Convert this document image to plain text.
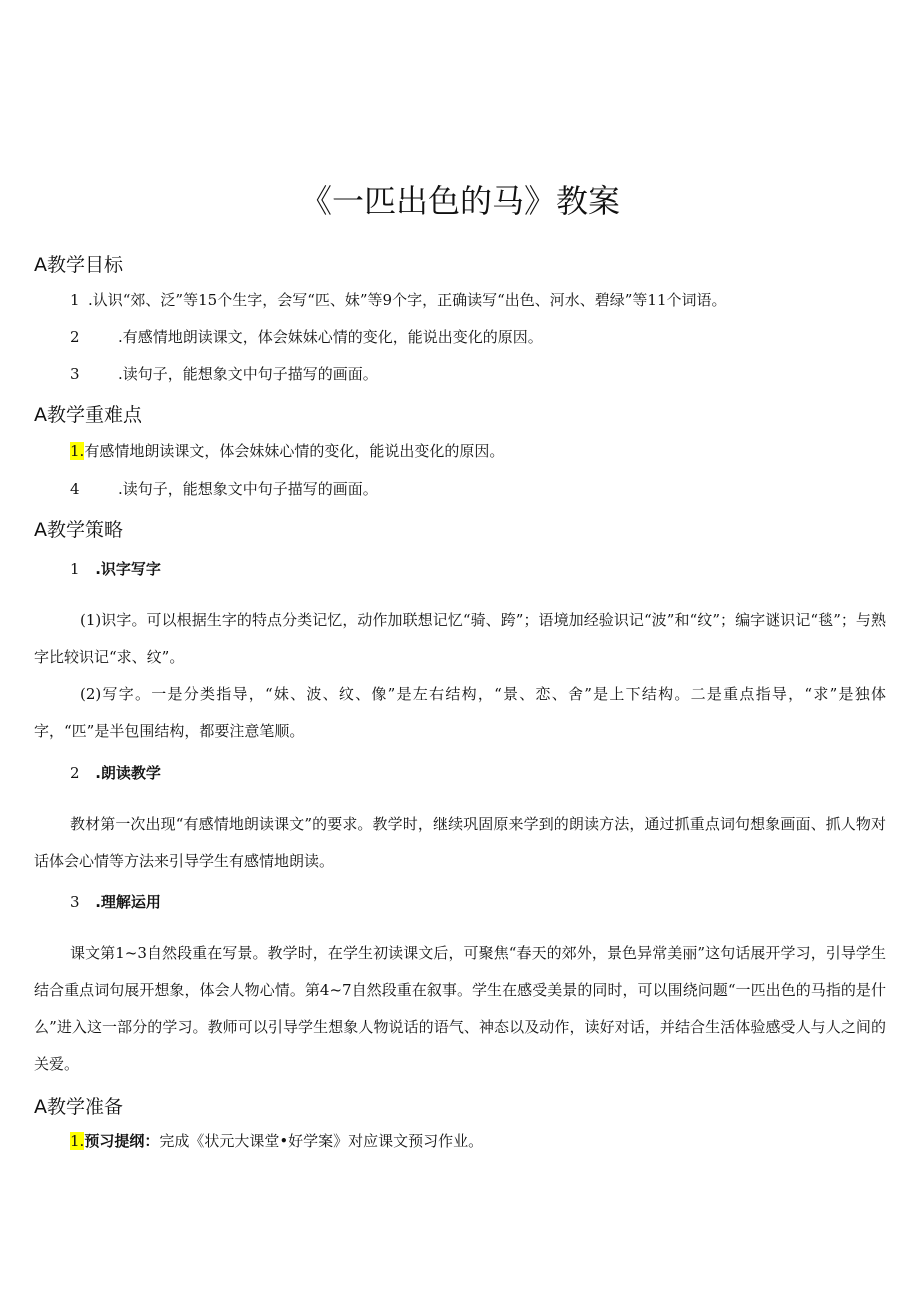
《一匹出色的马》教案
A教学目标
1 .认识“郊、泛”等15个生字，会写“匹、妹”等9个字，正确读写“出色、河水、碧绿”等11个词语。
2	.有感情地朗读课文，体会妹妹心情的变化，能说出变化的原因。
3	.读句子，能想象文中句子描写的画面。
A教学重难点
1.有感情地朗读课文，体会妹妹心情的变化，能说出变化的原因。
4	.读句子，能想象文中句子描写的画面。
A教学策略
1 .识字写字
(1)识字。可以根据生字的特点分类记忆，动作加联想记忆“骑、跨”；语境加经验识记“波”和“纹”；编字谜识记“毯”；与熟字比较识记“求、纹”。
(2)写字。一是分类指导，“妹、波、纹、像”是左右结构，“景、恋、舍”是上下结构。二是重点指导，“求”是独体字，“匹”是半包围结构，都要注意笔顺。
2 .朗读教学
教材第一次出现“有感情地朗读课文”的要求。教学时，继续巩固原来学到的朗读方法，通过抓重点词句想象画面、抓人物对话体会心情等方法来引导学生有感情地朗读。
3 .理解运用
课文第1~3自然段重在写景。教学时，在学生初读课文后，可聚焦“春天的郊外，景色异常美丽”这句话展开学习，引导学生结合重点词句展开想象，体会人物心情。第4~7自然段重在叙事。学生在感受美景的同时，可以围绕问题“一匹出色的马指的是什么”进入这一部分的学习。教师可以引导学生想象人物说话的语气、神态以及动作，读好对话，并结合生活体验感受人与人之间的关爱。
A教学准备
1.预习提纲：完成《状元大课堂•好学案》对应课文预习作业。
